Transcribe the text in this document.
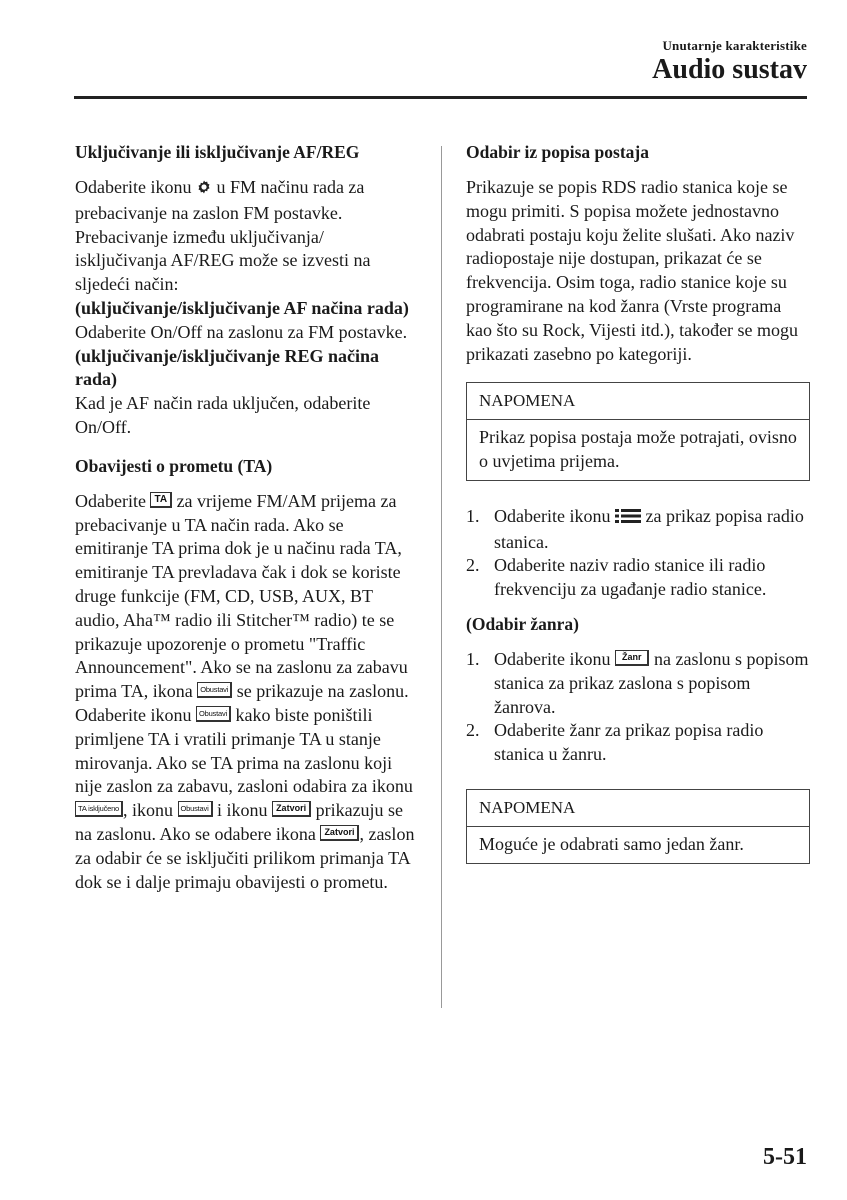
Unutarnje karakteristike
Audio sustav
Uključivanje ili isključivanje AF/REG

Odaberite ikonu u FM načinu rada za prebacivanje na zaslon FM postavke. Prebacivanje između uključivanja/ isključivanja AF/REG može se izvesti na sljedeći način:

(uključivanje/isključivanje AF načina rada)

Odaberite On/Off na zaslonu za FM postavke.

(uključivanje/isključivanje REG načina rada)

Kad je AF način rada uključen, odaberite On/Off.

Obavijesti o prometu (TA)

Odaberite TA za vrijeme FM/AM prijema za prebacivanje u TA način rada. Ako se emitiranje TA prima dok je u načinu rada TA, emitiranje TA prevladava čak i dok se koriste druge funkcije (FM, CD, USB, AUX, BT audio, Aha™ radio ili Stitcher™ radio) te se prikazuje upozorenje o prometu "Traffic Announcement". Ako se na zaslonu za zabavu prima TA, ikona Obustavi se prikazuje na zaslonu. Odaberite ikonu Obustavi kako biste poništili primljene TA i vratili primanje TA u stanje mirovanja. Ako se TA prima na zaslonu koji nije zaslon za zabavu, zasloni odabira za ikonu TA isključeno , ikonu Obustavi i ikonu Zatvori prikazuju se na zaslonu. Ako se odabere ikona Zatvori , zaslon za odabir će se isključiti prilikom primanja TA dok se i dalje primaju obavijesti o prometu.

Odabir iz popisa postaja

Prikazuje se popis RDS radio stanica koje se mogu primiti. S popisa možete jednostavno odabrati postaju koju želite slušati. Ako naziv radiopostaje nije dostupan, prikazat će se frekvencija. Osim toga, radio stanice koje su programirane na kod žanra (Vrste programa kao što su Rock, Vijesti itd.), također se mogu prikazati zasebno po kategoriji.

NAPOMENA
Prikaz popisa postaja može potrajati, ovisno o uvjetima prijema.
1. Odaberite ikonu za prikaz popisa radio stanica.
2. Odaberite naziv radio stanice ili radio frekvenciju za ugađanje radio stanice.
(Odabir žanra)
1. Odaberite ikonu Žanr na zaslonu s popisom stanica za prikaz zaslona s popisom žanrova.
2. Odaberite žanr za prikaz popisa radio stanica u žanru.
NAPOMENA
Moguće je odabrati samo jedan žanr.
5-51
